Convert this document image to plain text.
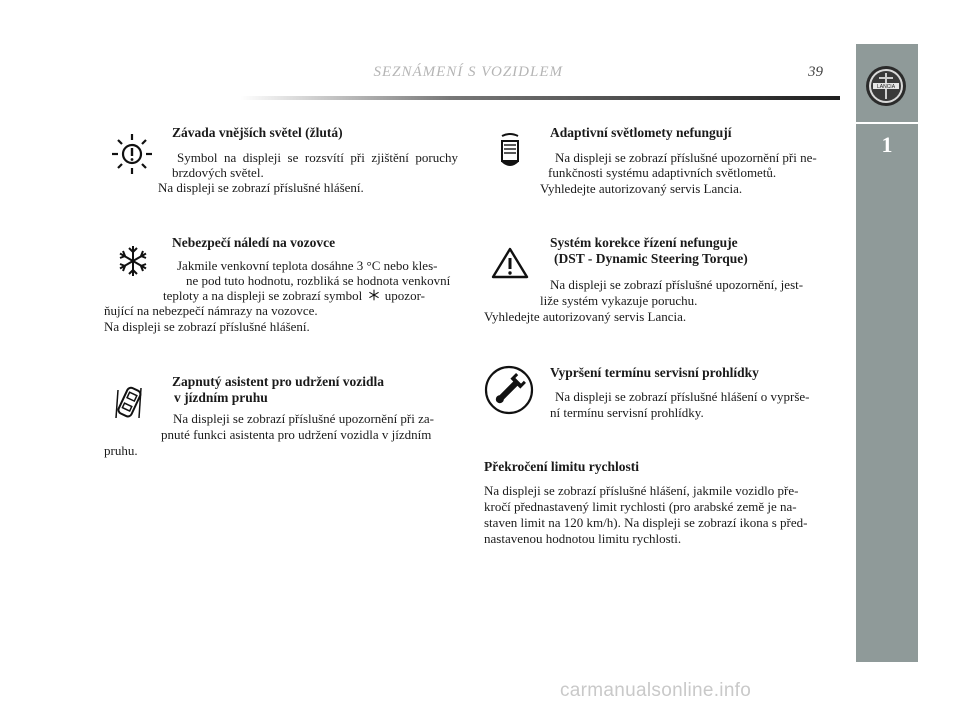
SEZNÁMENÍ S VOZIDLEM	39
LANCIA
1
Závada vnějších světel (žlutá)
Symbol na displeji se rozsvítí při zjištění poruchy brzdových světel.
Na displeji se zobrazí příslušné hlášení.
Nebezpečí náledí na vozovce
Jakmile venkovní teplota dosáhne 3 °C nebo kles-
ne pod tuto hodnotu, rozbliká se hodnota venkovní
teploty a na displeji se zobrazí symbol upozor-
ňující na nebezpečí námrazy na vozovce.
Na displeji se zobrazí příslušné hlášení.
Zapnutý asistent pro udržení vozidla
v jízdním pruhu
Na displeji se zobrazí příslušné upozornění při za-
pnuté funkci asistenta pro udržení vozidla v jízdním
pruhu.
Adaptivní světlomety nefungují
Na displeji se zobrazí příslušné upozornění při ne-
funkčnosti systému adaptivních světlometů.
Vyhledejte autorizovaný servis Lancia.
Systém korekce řízení nefunguje
(DST - Dynamic Steering Torque)
Na displeji se zobrazí příslušné upozornění, jest-
liže systém vykazuje poruchu.
Vyhledejte autorizovaný servis Lancia.
Vypršení termínu servisní prohlídky
Na displeji se zobrazí příslušné hlášení o vyprše-
ní termínu servisní prohlídky.
Překročení limitu rychlosti
Na displeji se zobrazí příslušné hlášení, jakmile vozidlo pře-
kročí přednastavený limit rychlosti (pro arabské země je na-
staven limit na 120 km/h). Na displeji se zobrazí ikona s před-
nastavenou hodnotou limitu rychlosti.
carmanualsonline.info
